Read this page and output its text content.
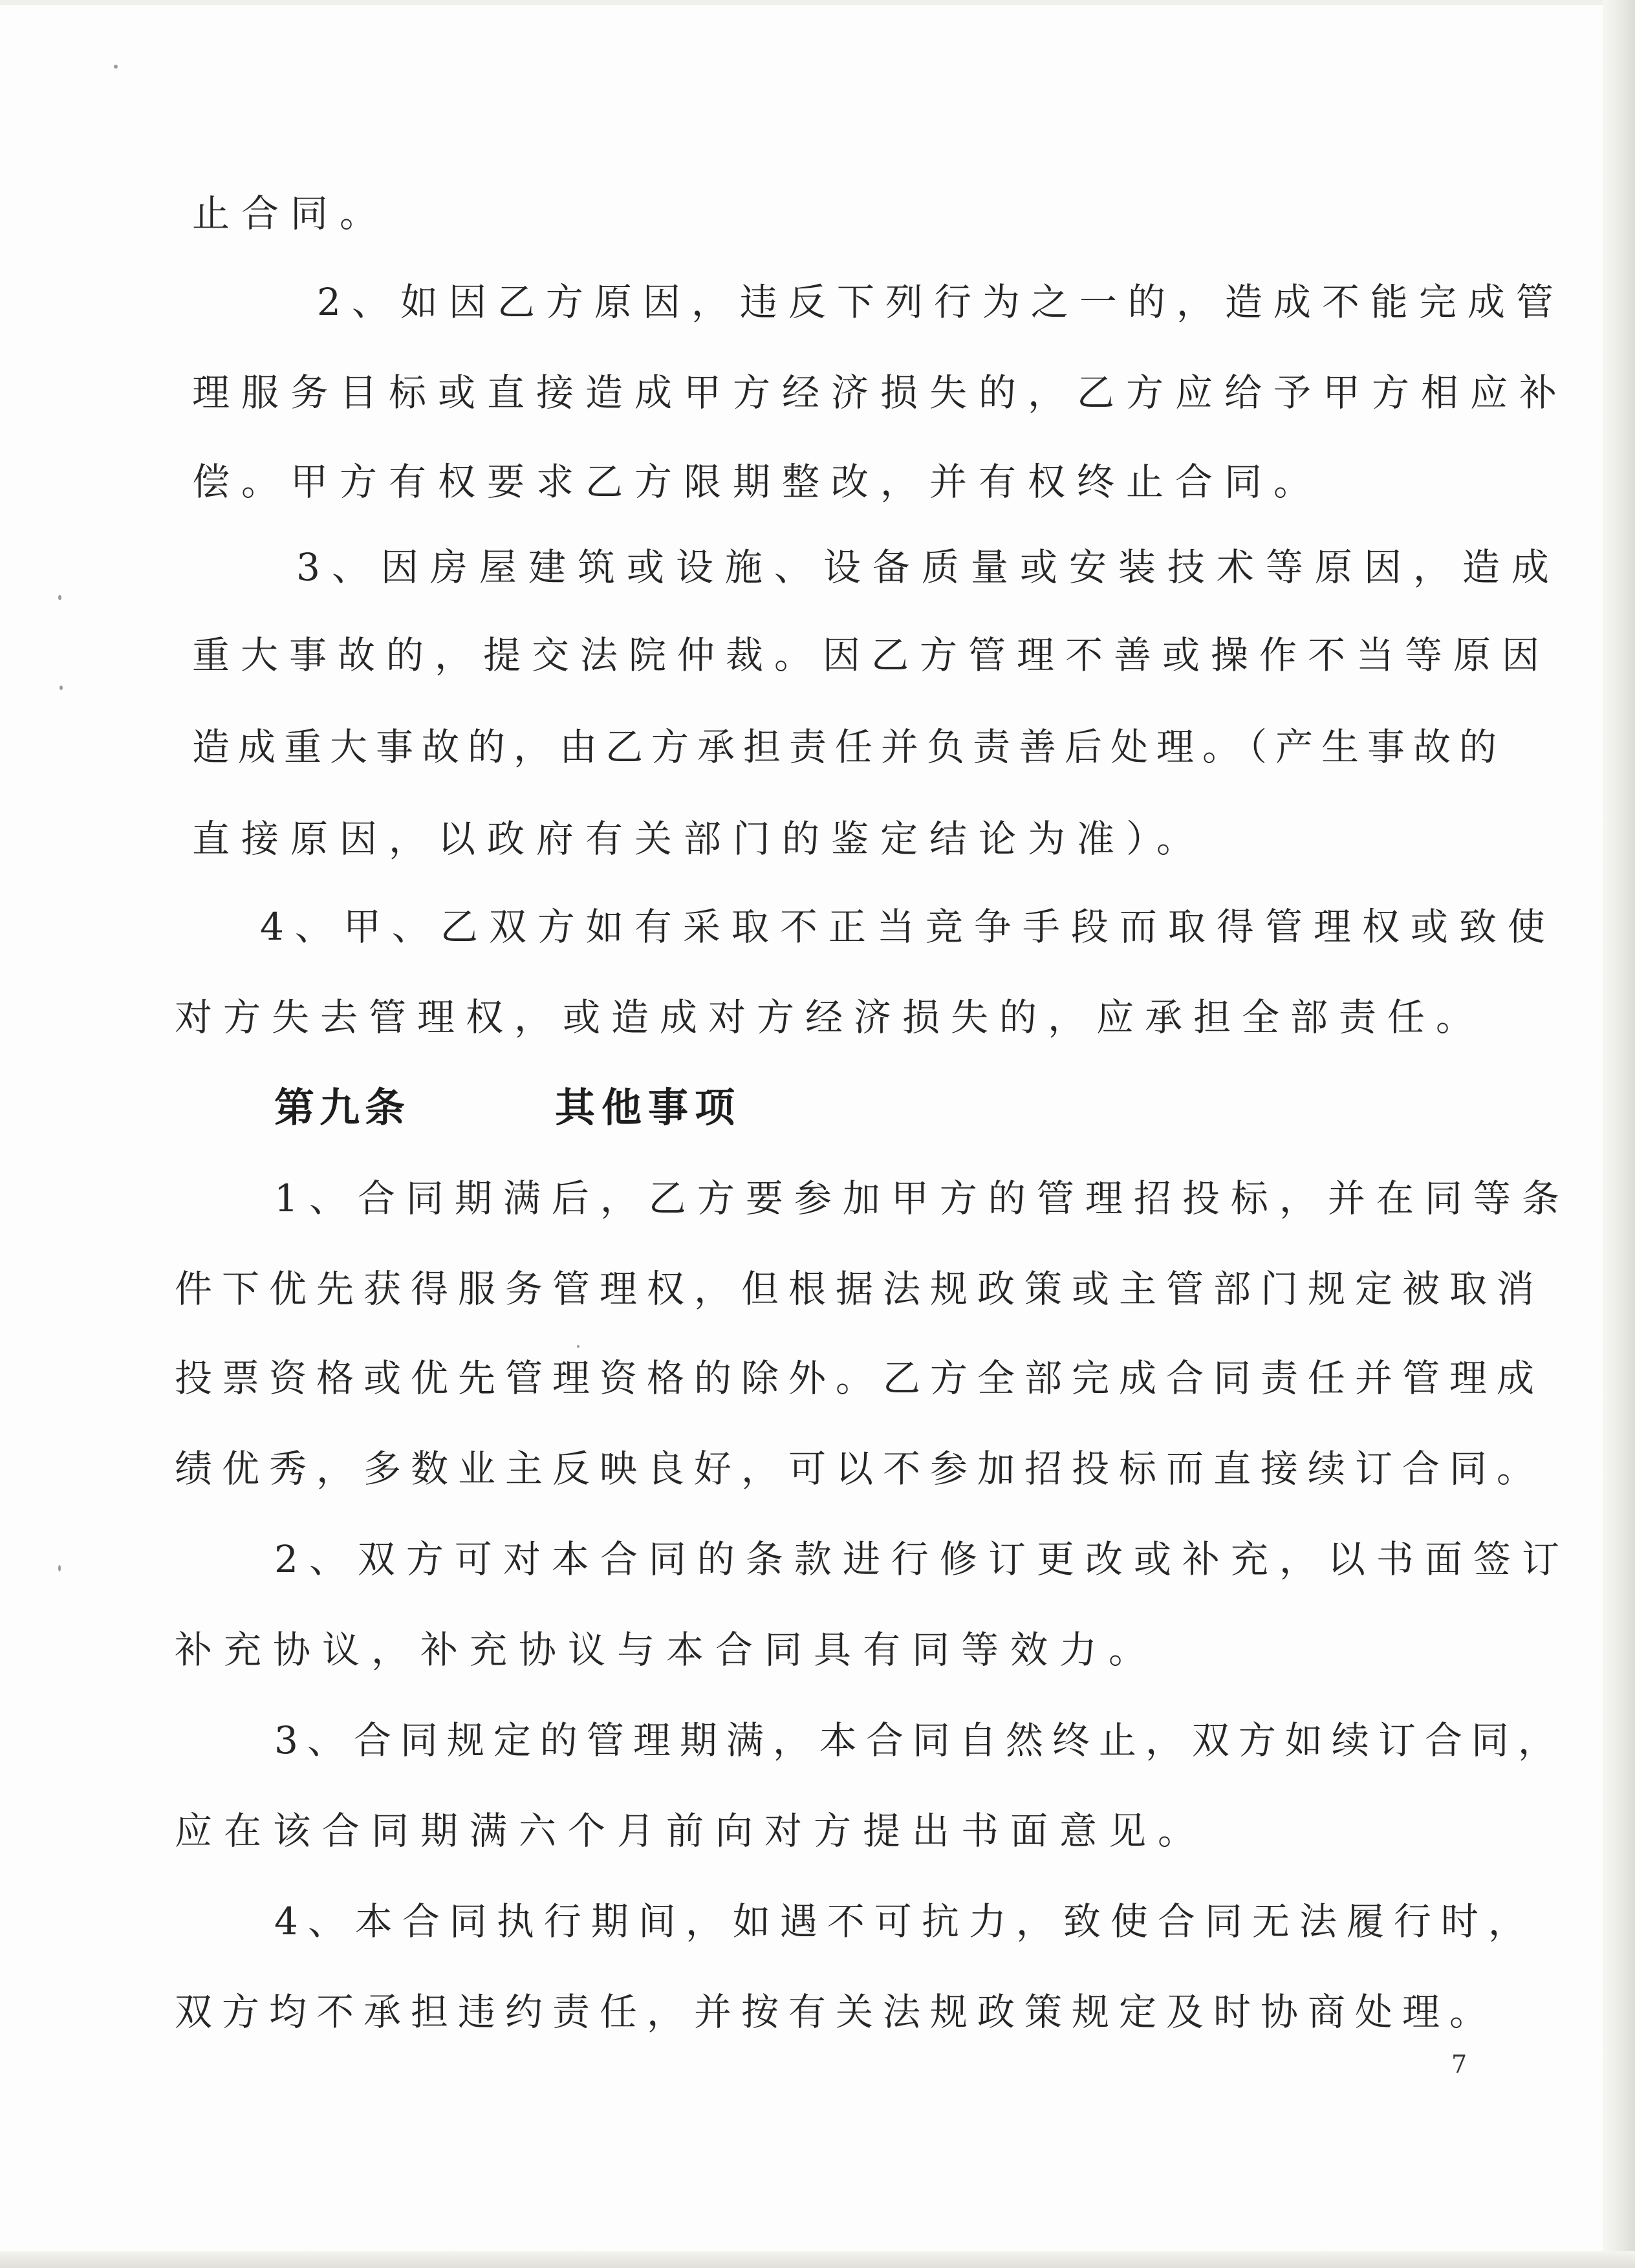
止合同。

2、如因乙方原因，违反下列行为之一的，造成不能完成管

理服务目标或直接造成甲方经济损失的，乙方应给予甲方相应补

偿。甲方有权要求乙方限期整改，并有权终止合同。

3、因房屋建筑或设施、设备质量或安装技术等原因，造成

重大事故的，提交法院仲裁。因乙方管理不善或操作不当等原因

造成重大事故的，由乙方承担责任并负责善后处理。（产生事故的

直接原因，以政府有关部门的鉴定结论为准）。

4、甲、乙双方如有采取不正当竞争手段而取得管理权或致使

对方失去管理权，或造成对方经济损失的，应承担全部责任。

第九条	其他事项

1、合同期满后，乙方要参加甲方的管理招投标，并在同等条

件下优先获得服务管理权，但根据法规政策或主管部门规定被取消

投票资格或优先管理资格的除外。乙方全部完成合同责任并管理成

绩优秀，多数业主反映良好，可以不参加招投标而直接续订合同。

2、双方可对本合同的条款进行修订更改或补充，以书面签订

补充协议，补充协议与本合同具有同等效力。

3、合同规定的管理期满，本合同自然终止，双方如续订合同，

应在该合同期满六个月前向对方提出书面意见。

4、本合同执行期间，如遇不可抗力，致使合同无法履行时，

双方均不承担违约责任，并按有关法规政策规定及时协商处理。

7
